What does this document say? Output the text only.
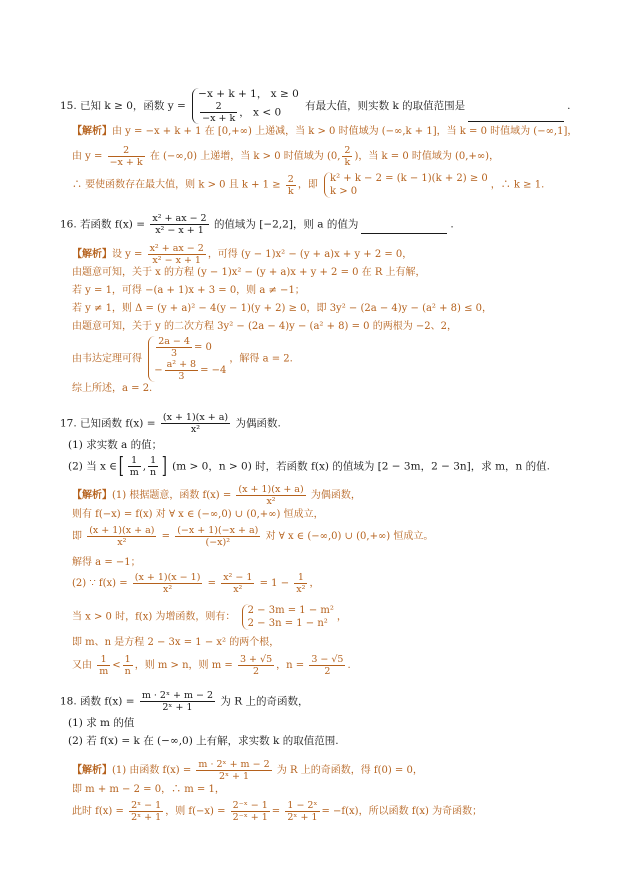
15. 已知 k ≥ 0，函数 y =
−x + k + 1， x ≥ 0
$\frac{2}{-x + k}$ ， x < 0
有最大值，则实数 k 的取值范围是	.
【解析】由 y = −x + k + 1 在 [0,+∞) 上递减，当 k > 0 时值域为 (−∞,k + 1]，当 k = 0 时值域为 (−∞,1]，
由 $y = \frac{2}{-x + k}$ 在 (−∞,0) 上递增，当 k > 0 时值域为 (0, $\frac{2}{k}$ )，当 k = 0 时值域为 (0,+∞)，
∴ 要使函数存在最大值，则 k > 0 且 $k + 1 \ge \frac{2}{k}$ ，即
k² + k − 2 = (k − 1)(k + 2) ≥ 0
k > 0
，∴ k ≥ 1.
16. 若函数 $f(x) = \frac{\text{x² + ax − 2}}{\text{x² − x + 1}}$ 的值域为 [−2,2]，则 a 的值为	.
【解析】设 $y = \frac{\text{x² + ax − 2}}{\text{x² − x + 1}}$ ，可得 (y − 1)x² − (y + a)x + y + 2 = 0，
由题意可知，关于 x 的方程 (y − 1)x² − (y + a)x + y + 2 = 0 在 R 上有解，
若 y = 1，可得 −(a + 1)x + 3 = 0，则 a ≠ −1；
若 y ≠ 1，则 Δ = (y + a)² − 4(y − 1)(y + 2) ≥ 0，即 3y² − (2a − 4)y − (a² + 8) ≤ 0，
由题意可知，关于 y 的二次方程 3y² − (2a − 4)y − (a² + 8) = 0 的两根为 −2、2，
由韦达定理可得 $\frac{2a - 4}{3} = 0$
− $\frac{\text{a² + 8}}{3} = -4$
，解得 a = 2.
综上所述，a = 2.
17. 已知函数 $f(x) = \frac{(x + 1)(x + a)}{\text{x²}}$ 为偶函数.
(1) 求实数 a 的值；
(2) 当 x ∈[ $\frac{1}{m}$ , $\frac{1}{n}$ ] (m > 0，n > 0) 时，若函数 f(x) 的值域为 [2 − 3m，2 − 3n]，求 m，n 的值.
【解析】(1) 根据题意，函数 $f(x) = \frac{(x + 1)(x + a)}{\text{x²}}$ 为偶函数，
则有 f(−x) = f(x) 对 ∀ x ∈ (−∞,0) ∪ (0,+∞) 恒成立，
即 $\frac{(x + 1)(x + a)}{\text{x²}} = \frac{(-x + 1)(-x + a)}{\text{(−x)²}}$ 对 ∀ x ∈ (−∞,0) ∪ (0,+∞) 恒成立。
解得 a = −1；
(2) ∵ $f(x) = \frac{(x + 1)(x - 1)}{\text{x²}} = \frac{\text{x² − 1}}{\text{x²}} = 1 - \frac{1}{\text{x²}}$ ，
当 x > 0 时，f(x) 为增函数，则有：
2 − 3m = 1 − m²
2 − 3n = 1 − n²
，
即 m、n 是方程 2 − 3x = 1 − x² 的两个根，
又由 $\frac{1}{m} < \frac{1}{n}$ ，则 m > n，则 $m = \frac{3 + √5}{2}$ ，$n = \frac{3 - √5}{2}$ .
18. 函数 $f(x) = \frac{\text{m · 2ˣ + m − 2}}{\text{2ˣ + 1}}$ 为 R 上的奇函数，
(1) 求 m 的值
(2) 若 f(x) = k 在 (−∞,0) 上有解，求实数 k 的取值范围.
【解析】(1) 由函数 $f(x) = \frac{\text{m · 2ˣ + m − 2}}{\text{2ˣ + 1}}$ 为 R 上的奇函数，得 f(0) = 0，
即 m + m − 2 = 0，∴ m = 1，
此时 $f(x) = \frac{\text{2ˣ − 1}}{\text{2ˣ + 1}}$ ，则 $f(-x) = \frac{\text{2⁻ˣ − 1}}{\text{2⁻ˣ + 1}} = \frac{\text{1 − 2ˣ}}{\text{2ˣ + 1}} = -f(x)$，所以函数 f(x) 为奇函数；
